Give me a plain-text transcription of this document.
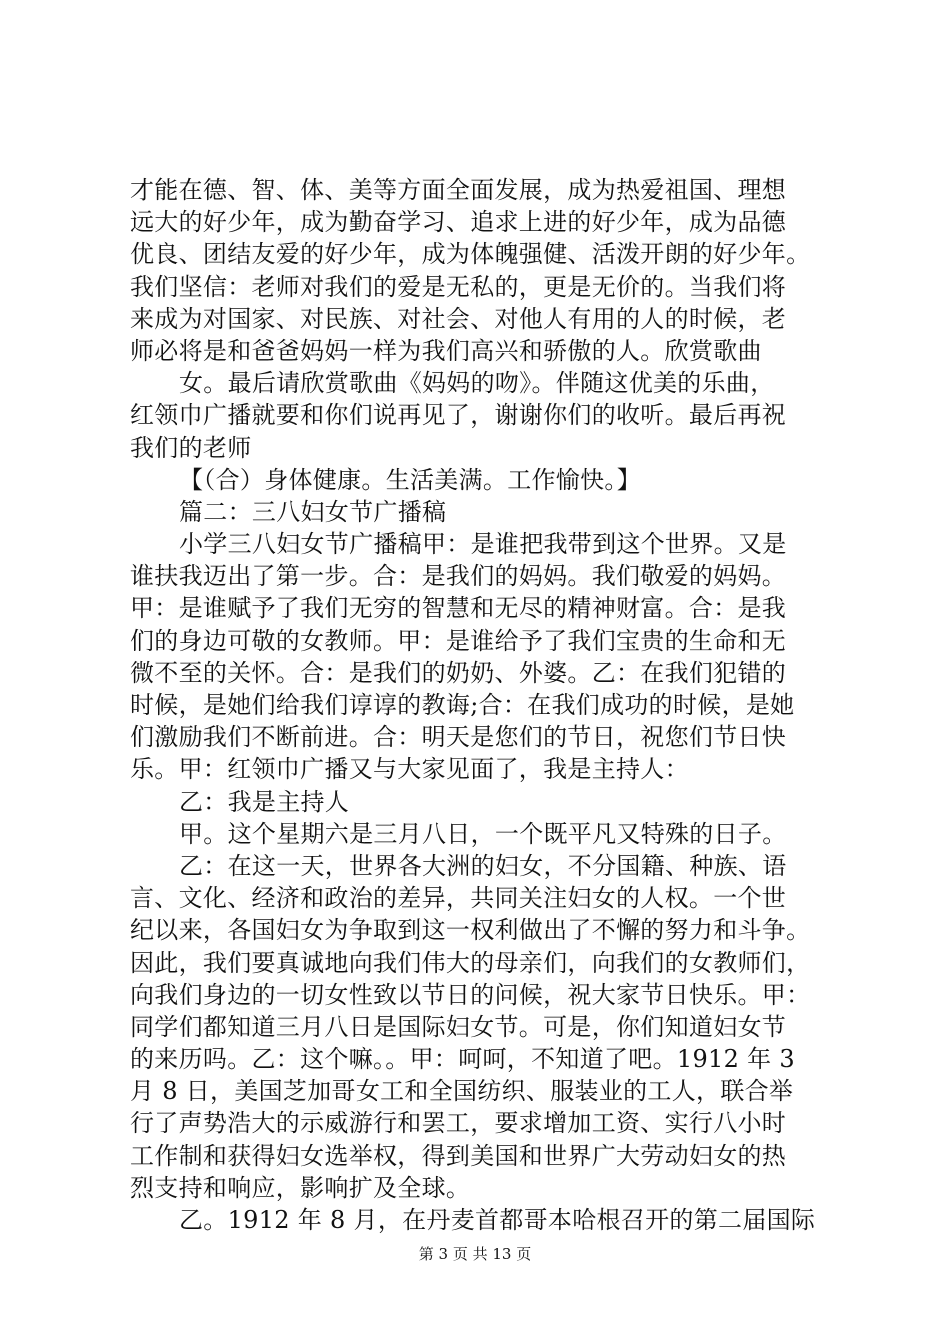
才能在德、智、体、美等方面全面发展，成为热爱祖国、理想
远大的好少年，成为勤奋学习、追求上进的好少年，成为品德
优良、团结友爱的好少年，成为体魄强健、活泼开朗的好少年。
我们坚信：老师对我们的爱是无私的，更是无价的。当我们将
来成为对国家、对民族、对社会、对他人有用的人的时候，老
师必将是和爸爸妈妈一样为我们高兴和骄傲的人。欣赏歌曲
女。最后请欣赏歌曲《妈妈的吻》。伴随这优美的乐曲，
红领巾广播就要和你们说再见了，谢谢你们的收听。最后再祝
我们的老师
【（合）身体健康。生活美满。工作愉快。】
篇二：三八妇女节广播稿
小学三八妇女节广播稿甲：是谁把我带到这个世界。又是
谁扶我迈出了第一步。合：是我们的妈妈。我们敬爱的妈妈。
甲：是谁赋予了我们无穷的智慧和无尽的精神财富。合：是我
们的身边可敬的女教师。甲：是谁给予了我们宝贵的生命和无
微不至的关怀。合：是我们的奶奶、外婆。乙：在我们犯错的
时候，是她们给我们谆谆的教诲;合：在我们成功的时候，是她
们激励我们不断前进。合：明天是您们的节日，祝您们节日快
乐。甲：红领巾广播又与大家见面了，我是主持人：
乙：我是主持人
甲。这个星期六是三月八日，一个既平凡又特殊的日子。
乙：在这一天，世界各大洲的妇女，不分国籍、种族、语
言、文化、经济和政治的差异，共同关注妇女的人权。一个世
纪以来，各国妇女为争取到这一权利做出了不懈的努力和斗争。
因此，我们要真诚地向我们伟大的母亲们，向我们的女教师们，
向我们身边的一切女性致以节日的问候，祝大家节日快乐。甲：
同学们都知道三月八日是国际妇女节。可是，你们知道妇女节
的来历吗。乙：这个嘛。。甲：呵呵，不知道了吧。1912 年 3
月 8 日，美国芝加哥女工和全国纺织、服装业的工人，联合举
行了声势浩大的示威游行和罢工，要求增加工资、实行八小时
工作制和获得妇女选举权，得到美国和世界广大劳动妇女的热
烈支持和响应，影响扩及全球。
乙。1912 年 8 月，在丹麦首都哥本哈根召开的第二届国际
第 3 页 共 13 页
